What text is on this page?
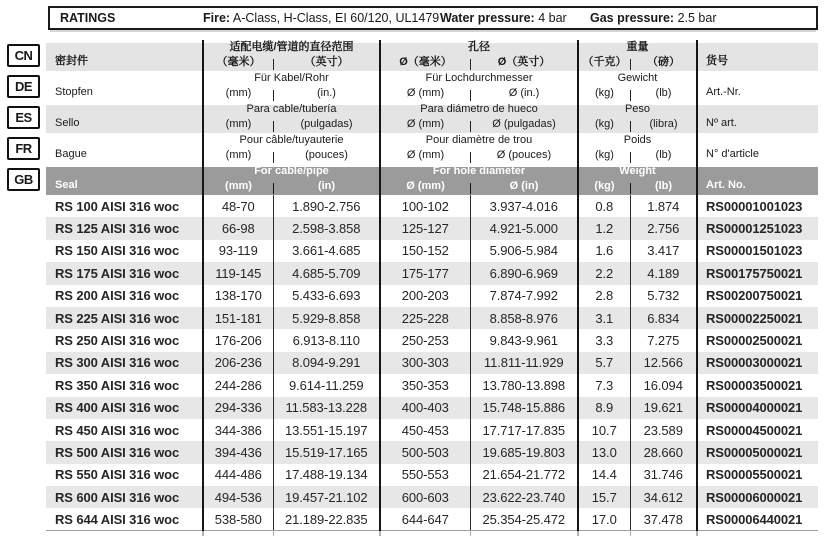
RATINGS	Fire: A-Class, H-Class, EI 60/120, UL1479 Water pressure: 4 bar Gas pressure: 2.5 bar
CN
DE
ES
FR
GB
密封件	
适配电缆/管道的直径范围
（毫米）	（英寸）

孔径
Ø（毫米）	Ø（英寸）

重量
（千克）	（磅）	货号
Stopfen	
Für Kabel/Rohr
(mm)	(in.)

Für Lochdurchmesser
Ø (mm)	Ø (in.)

Gewicht
(kg)	(lb)	Art.-Nr.
Sello	
Para cable/tubería
(mm)	(pulgadas)

Para diámetro de hueco
Ø (mm)	Ø (pulgadas)

Peso
(kg)	(libra)	Nº art.
Bague	
Pour câble/tuyauterie
(mm)	(pouces)

Pour diamètre de trou
Ø (mm)	Ø (pouces)

Poids
(kg)	(lb)	N° d'article
Seal	
For cable/pipe
(mm)	(in)

For hole diameter
Ø (mm)	Ø (in)

Weight
(kg)	(lb)	Art. No.
RS 100 AISI 316 woc	48-70	1.890-2.756	100-102	3.937-4.016	0.8	1.874	RS00001001023
RS 125 AISI 316 woc	66-98	2.598-3.858	125-127	4.921-5.000	1.2	2.756	RS00001251023
RS 150 AISI 316 woc	93-119	3.661-4.685	150-152	5.906-5.984	1.6	3.417	RS00001501023
RS 175 AISI 316 woc	119-145	4.685-5.709	175-177	6.890-6.969	2.2	4.189	RS00175750021
RS 200 AISI 316 woc	138-170	5.433-6.693	200-203	7.874-7.992	2.8	5.732	RS00200750021
RS 225 AISI 316 woc	151-181	5.929-8.858	225-228	8.858-8.976	3.1	6.834	RS00002250021
RS 250 AISI 316 woc	176-206	6.913-8.110	250-253	9.843-9.961	3.3	7.275	RS00002500021
RS 300 AISI 316 woc	206-236	8.094-9.291	300-303	11.811-11.929	5.7	12.566	RS00003000021
RS 350 AISI 316 woc	244-286	9.614-11.259	350-353	13.780-13.898	7.3	16.094	RS00003500021
RS 400 AISI 316 woc	294-336	11.583-13.228	400-403	15.748-15.886	8.9	19.621	RS00004000021
RS 450 AISI 316 woc	344-386	13.551-15.197	450-453	17.717-17.835	10.7	23.589	RS00004500021
RS 500 AISI 316 woc	394-436	15.519-17.165	500-503	19.685-19.803	13.0	28.660	RS00005000021
RS 550 AISI 316 woc	444-486	17.488-19.134	550-553	21.654-21.772	14.4	31.746	RS00005500021
RS 600 AISI 316 woc	494-536	19.457-21.102	600-603	23.622-23.740	15.7	34.612	RS00006000021
RS 644 AISI 316 woc	538-580	21.189-22.835	644-647	25.354-25.472	17.0	37.478	RS00006440021
